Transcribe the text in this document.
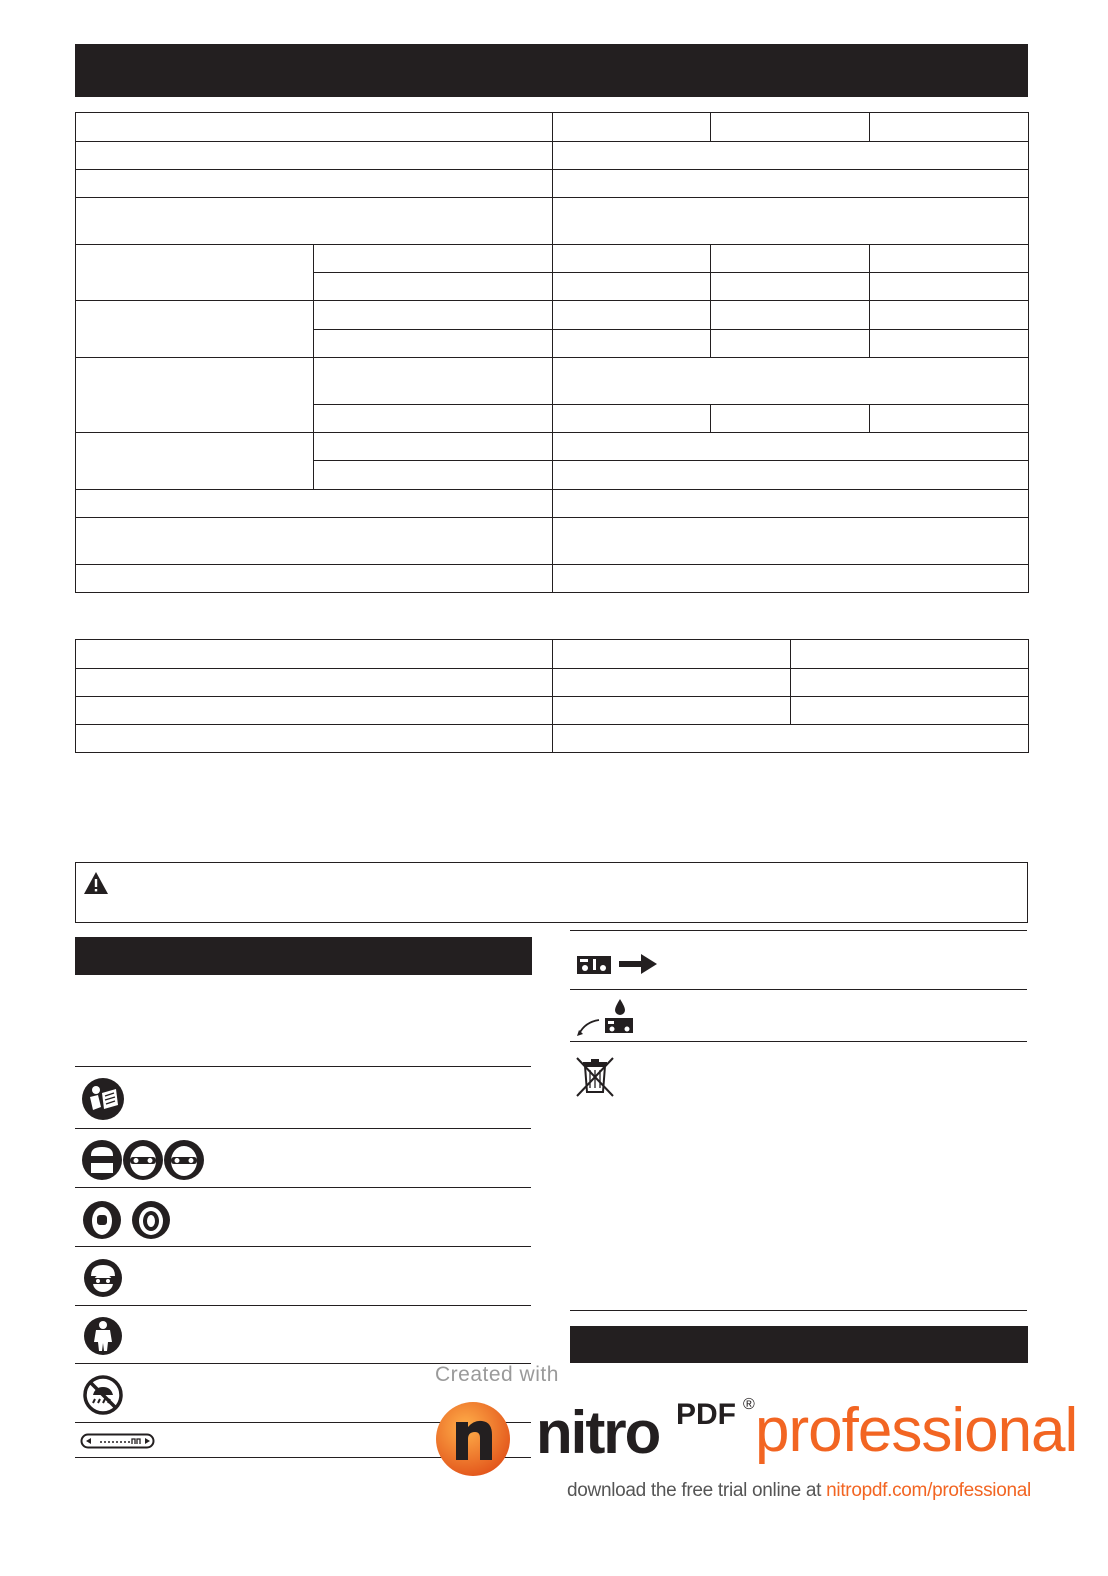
Created with
nitro PDF ® professional
download the free trial online at nitropdf.com/professional
